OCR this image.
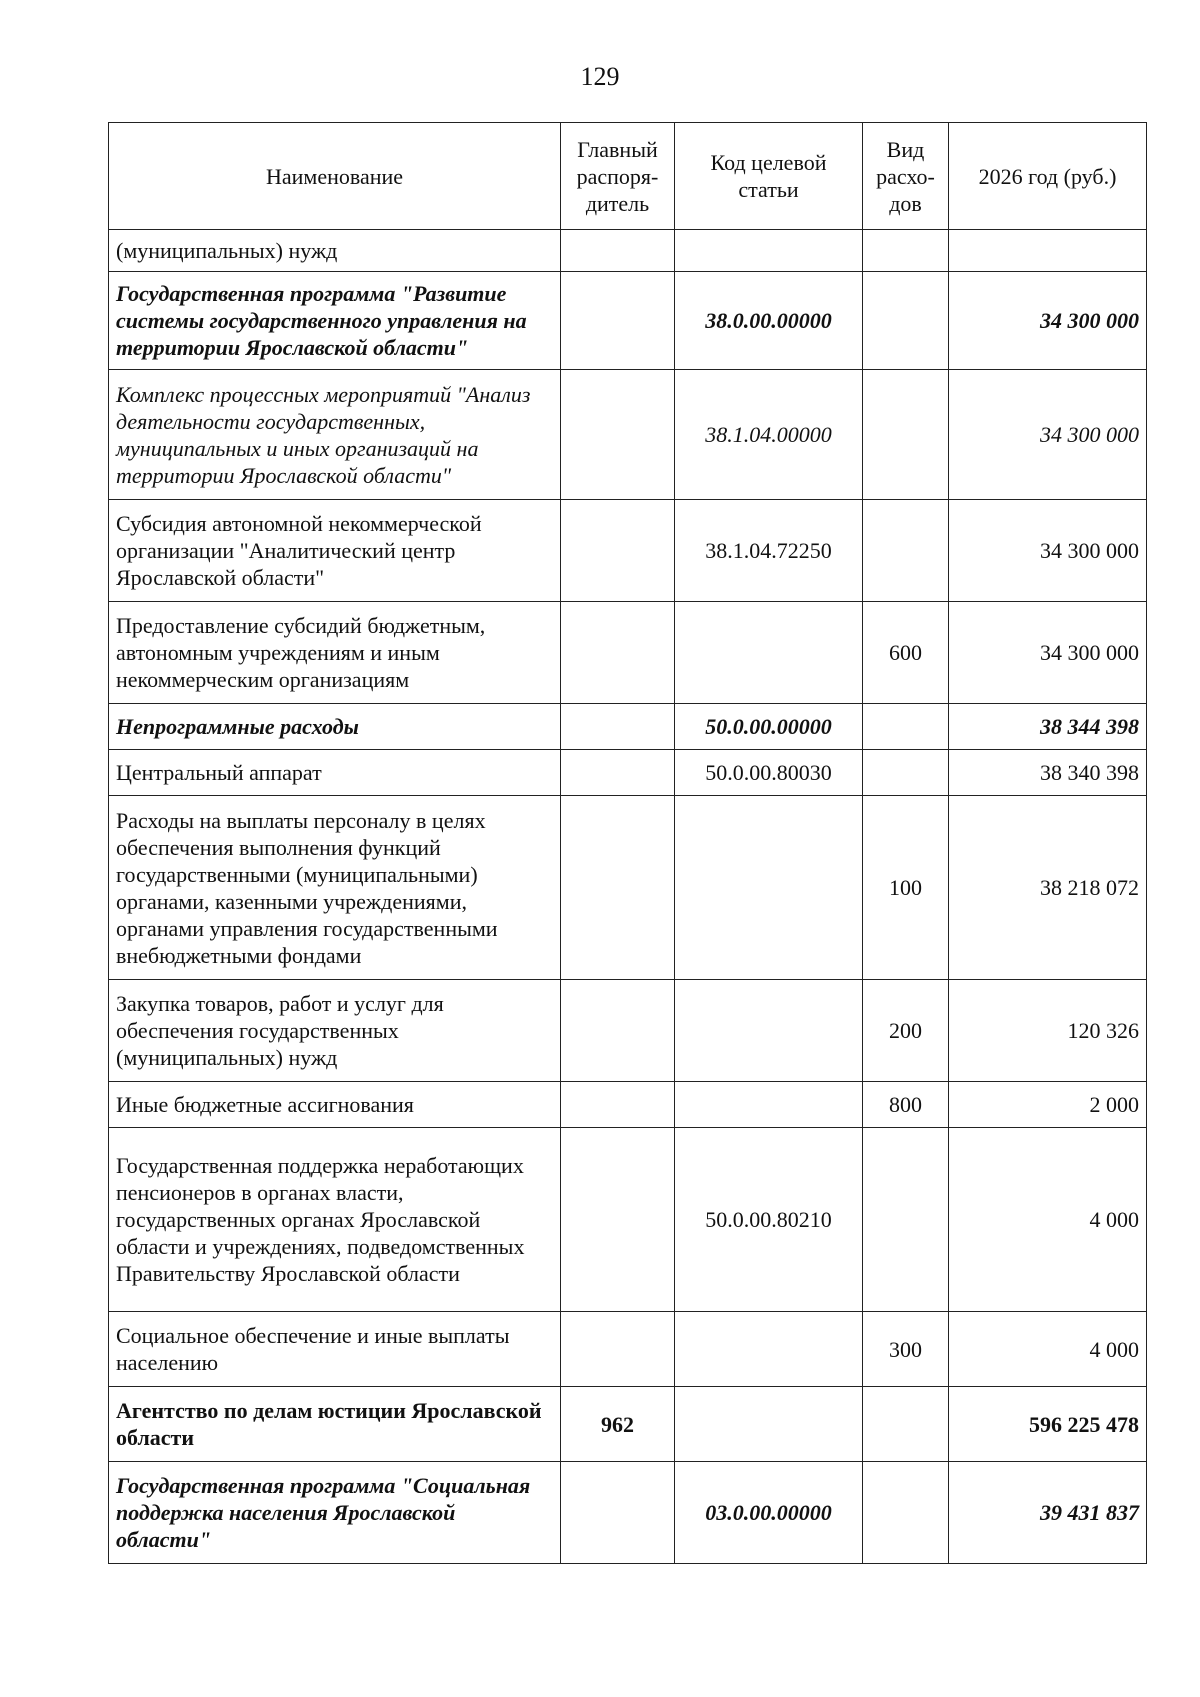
129
Наименование	Главный распоря-дитель	Код целевой статьи	Вид расхо-дов	2026 год (руб.)
(муниципальных) нужд				
Государственная программа "Развитие системы государственного управления на территории Ярославской области"		38.0.00.00000		34 300 000
Комплекс процессных мероприятий "Анализ деятельности государственных, муниципальных и иных организаций на территории Ярославской области"		38.1.04.00000		34 300 000
Субсидия автономной некоммерческой организации "Аналитический центр Ярославской области"		38.1.04.72250		34 300 000
Предоставление субсидий бюджетным, автономным учреждениям и иным некоммерческим организациям			600	34 300 000
Непрограммные расходы		50.0.00.00000		38 344 398
Центральный аппарат		50.0.00.80030		38 340 398
Расходы на выплаты персоналу в целях обеспечения выполнения функций государственными (муниципальными) органами, казенными учреждениями, органами управления государственными внебюджетными фондами			100	38 218 072
Закупка товаров, работ и услуг для обеспечения государственных (муниципальных) нужд			200	120 326
Иные бюджетные ассигнования			800	2 000
Государственная поддержка неработающих пенсионеров в органах власти, государственных органах Ярославской области и учреждениях, подведомственных Правительству Ярославской области		50.0.00.80210		4 000
Социальное обеспечение и иные выплаты населению			300	4 000
Агентство по делам юстиции Ярославской области	962			596 225 478
Государственная программа "Социальная поддержка населения Ярославской области"		03.0.00.00000		39 431 837
